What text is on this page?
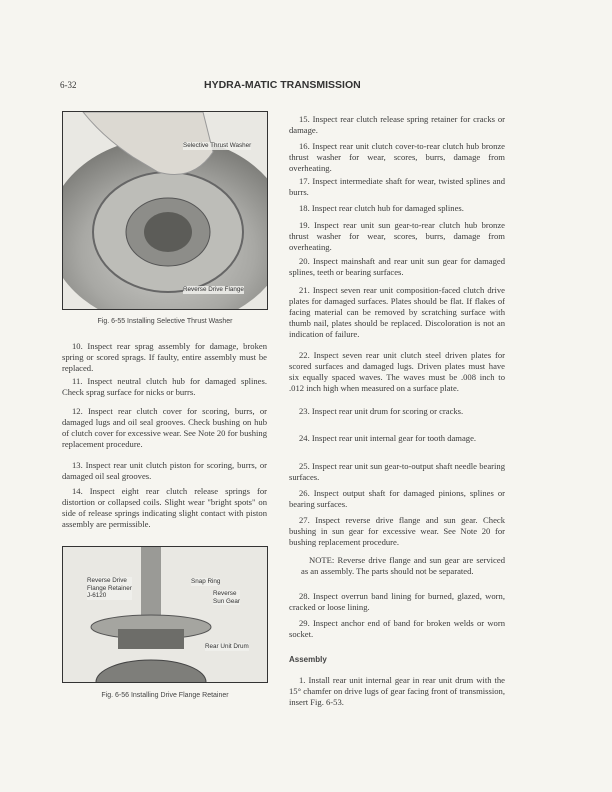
6-32	HYDRA-MATIC TRANSMISSION
Selective Thrust Washer
Reverse Drive Flange
Fig. 6-55 Installing Selective Thrust Washer

10. Inspect rear sprag assembly for damage, broken spring or scored sprags. If faulty, entire assembly must be replaced.

11. Inspect neutral clutch hub for damaged splines. Check sprag surface for nicks or burrs.

12. Inspect rear clutch cover for scoring, burrs, or damaged lugs and oil seal grooves. Check bushing on hub of clutch cover for excessive wear. See Note 20 for bushing replacement procedure.

13. Inspect rear unit clutch piston for scoring, burrs, or damaged oil seal grooves.

14. Inspect eight rear clutch release springs for distortion or collapsed coils. Slight wear "bright spots" on side of release springs indicating slight contact with piston assembly are permissible.

Reverse Drive
Flange Retainer
J-6120
Snap Ring
Reverse
Sun Gear
Rear Unit Drum
Fig. 6-56 Installing Drive Flange Retainer

15. Inspect rear clutch release spring retainer for cracks or damage.

16. Inspect rear unit clutch cover-to-rear clutch hub bronze thrust washer for wear, scores, burrs, damage from overheating.

17. Inspect intermediate shaft for wear, twisted splines and burrs.

18. Inspect rear clutch hub for damaged splines.

19. Inspect rear unit sun gear-to-rear clutch hub bronze thrust washer for wear, scores, burrs, damage from overheating.

20. Inspect mainshaft and rear unit sun gear for damaged splines, teeth or bearing surfaces.

21. Inspect seven rear unit composition-faced clutch drive plates for damaged surfaces. Plates should be flat. If flakes of facing material can be removed by scratching surface with thumb nail, plates should be replaced. Discoloration is not an indication of failure.

22. Inspect seven rear unit clutch steel driven plates for scored surfaces and damaged lugs. Driven plates must have six equally spaced waves. The waves must be .008 inch to .012 inch high when measured on a surface plate.

23. Inspect rear unit drum for scoring or cracks.

24. Inspect rear unit internal gear for tooth damage.

25. Inspect rear unit sun gear-to-output shaft needle bearing surfaces.

26. Inspect output shaft for damaged pinions, splines or bearing surfaces.

27. Inspect reverse drive flange and sun gear. Check bushing in sun gear for excessive wear. See Note 20 for bushing replacement procedure.

NOTE: Reverse drive flange and sun gear are serviced as an assembly. The parts should not be separated.

28. Inspect overrun band lining for burned, glazed, worn, cracked or loose lining.

29. Inspect anchor end of band for broken welds or worn socket.

Assembly

1. Install rear unit internal gear in rear unit drum with the 15° chamfer on drive lugs of gear facing front of transmission, insert Fig. 6-53.
